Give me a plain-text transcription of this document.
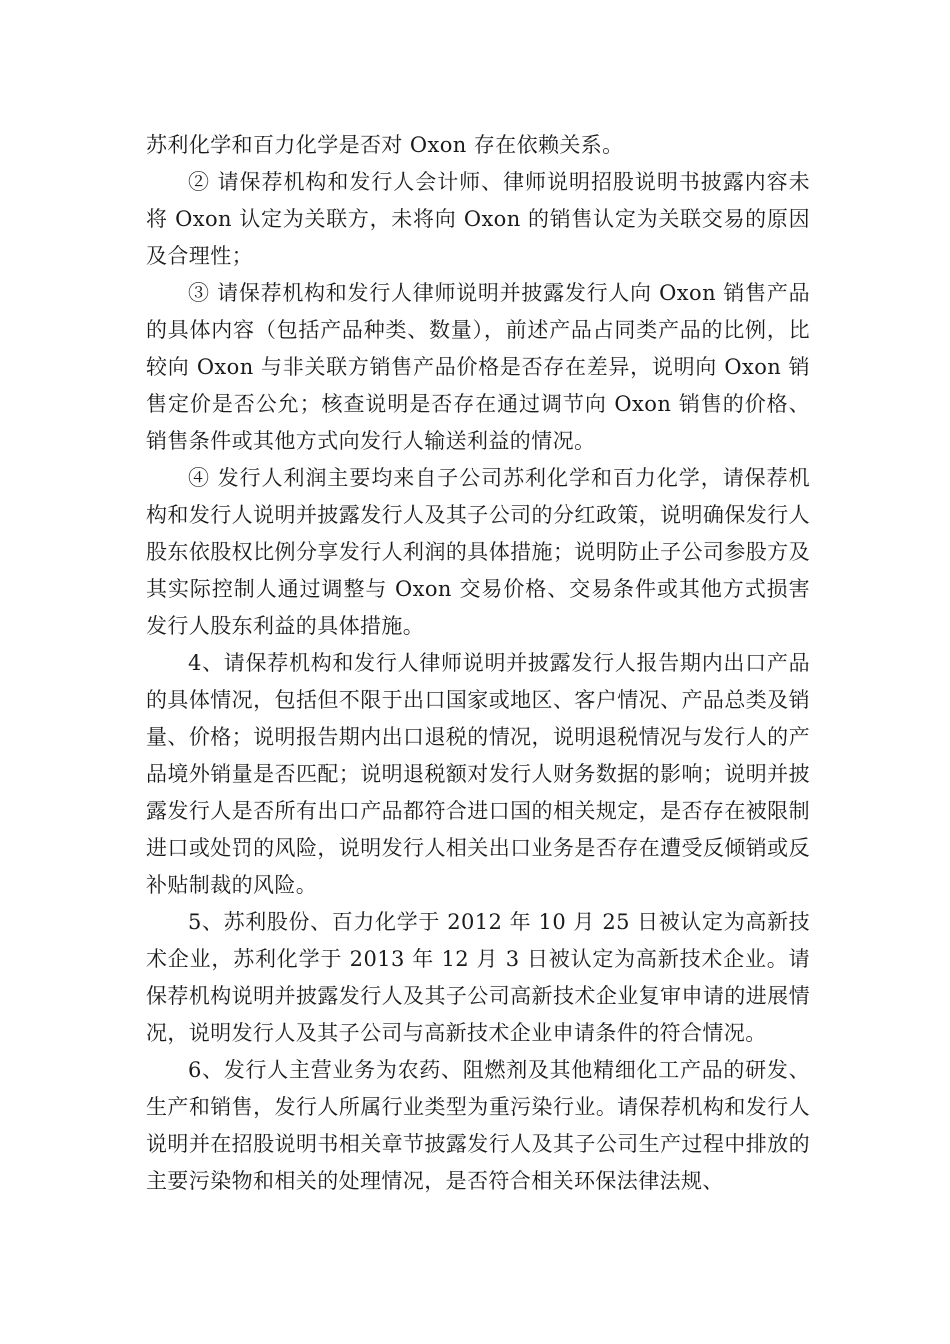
苏利化学和百力化学是否对 Oxon 存在依赖关系。

② 请保荐机构和发行人会计师、律师说明招股说明书披露内容未将 Oxon 认定为关联方，未将向 Oxon 的销售认定为关联交易的原因及合理性；

③ 请保荐机构和发行人律师说明并披露发行人向 Oxon 销售产品的具体内容（包括产品种类、数量），前述产品占同类产品的比例，比较向 Oxon 与非关联方销售产品价格是否存在差异，说明向 Oxon 销售定价是否公允；核查说明是否存在通过调节向 Oxon 销售的价格、销售条件或其他方式向发行人输送利益的情况。

④ 发行人利润主要均来自子公司苏利化学和百力化学，请保荐机构和发行人说明并披露发行人及其子公司的分红政策，说明确保发行人股东依股权比例分享发行人利润的具体措施；说明防止子公司参股方及其实际控制人通过调整与 Oxon 交易价格、交易条件或其他方式损害发行人股东利益的具体措施。

4、请保荐机构和发行人律师说明并披露发行人报告期内出口产品的具体情况，包括但不限于出口国家或地区、客户情况、产品总类及销量、价格；说明报告期内出口退税的情况，说明退税情况与发行人的产品境外销量是否匹配；说明退税额对发行人财务数据的影响；说明并披露发行人是否所有出口产品都符合进口国的相关规定，是否存在被限制进口或处罚的风险，说明发行人相关出口业务是否存在遭受反倾销或反补贴制裁的风险。

5、苏利股份、百力化学于 2012 年 10 月 25 日被认定为高新技术企业，苏利化学于 2013 年 12 月 3 日被认定为高新技术企业。请保荐机构说明并披露发行人及其子公司高新技术企业复审申请的进展情况，说明发行人及其子公司与高新技术企业申请条件的符合情况。

6、发行人主营业务为农药、阻燃剂及其他精细化工产品的研发、生产和销售，发行人所属行业类型为重污染行业。请保荐机构和发行人说明并在招股说明书相关章节披露发行人及其子公司生产过程中排放的主要污染物和相关的处理情况，是否符合相关环保法律法规、
